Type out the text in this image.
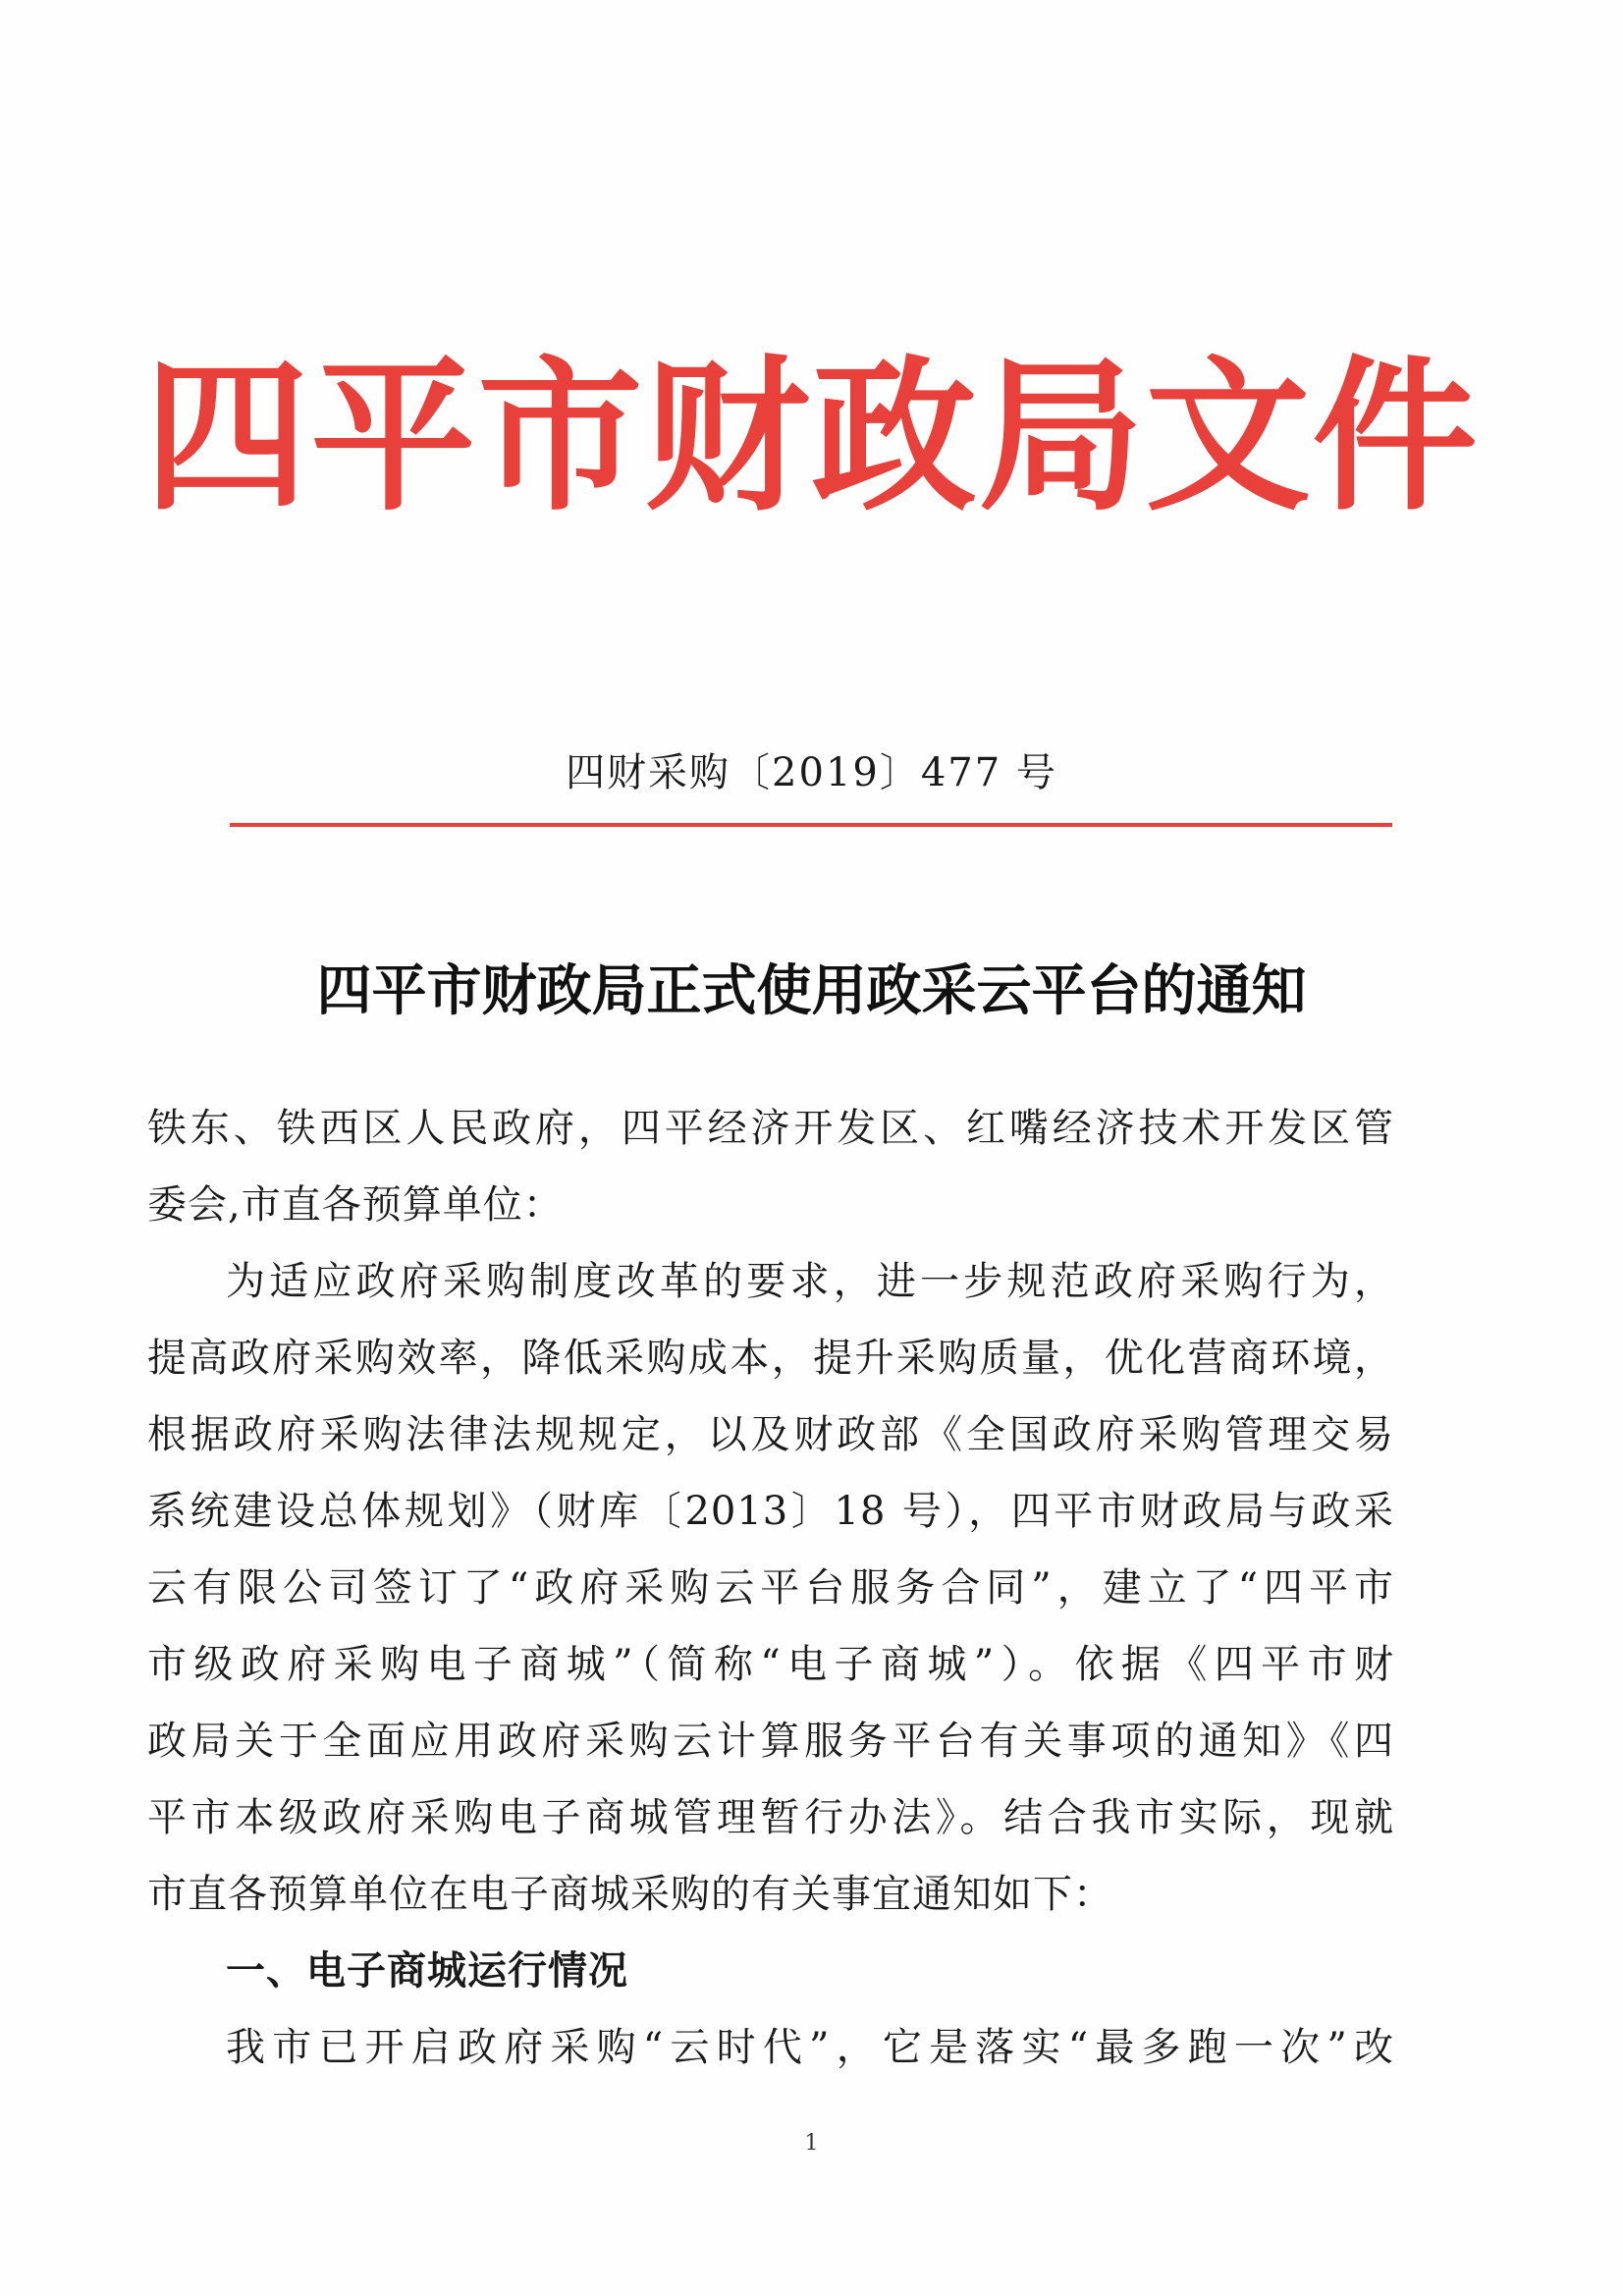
四平市财政局文件
四财采购〔2019〕477 号
四平市财政局正式使用政采云平台的通知
铁东、铁西区人民政府，四平经济开发区、红嘴经济技术开发区管
委会,市直各预算单位：
为适应政府采购制度改革的要求，进一步规范政府采购行为，
提高政府采购效率，降低采购成本，提升采购质量，优化营商环境，
根据政府采购法律法规规定，以及财政部《全国政府采购管理交易
系统建设总体规划》（财库〔2013〕18 号），四平市财政局与政采
云有限公司签订了“政府采购云平台服务合同”，建立了“四平市
市级政府采购电子商城”（简称“电子商城”）。依据《四平市财
政局关于全面应用政府采购云计算服务平台有关事项的通知》《四
平市本级政府采购电子商城管理暂行办法》。结合我市实际，现就
市直各预算单位在电子商城采购的有关事宜通知如下：
一、电子商城运行情况
我市已开启政府采购“云时代”，它是落实“最多跑一次”改
1
